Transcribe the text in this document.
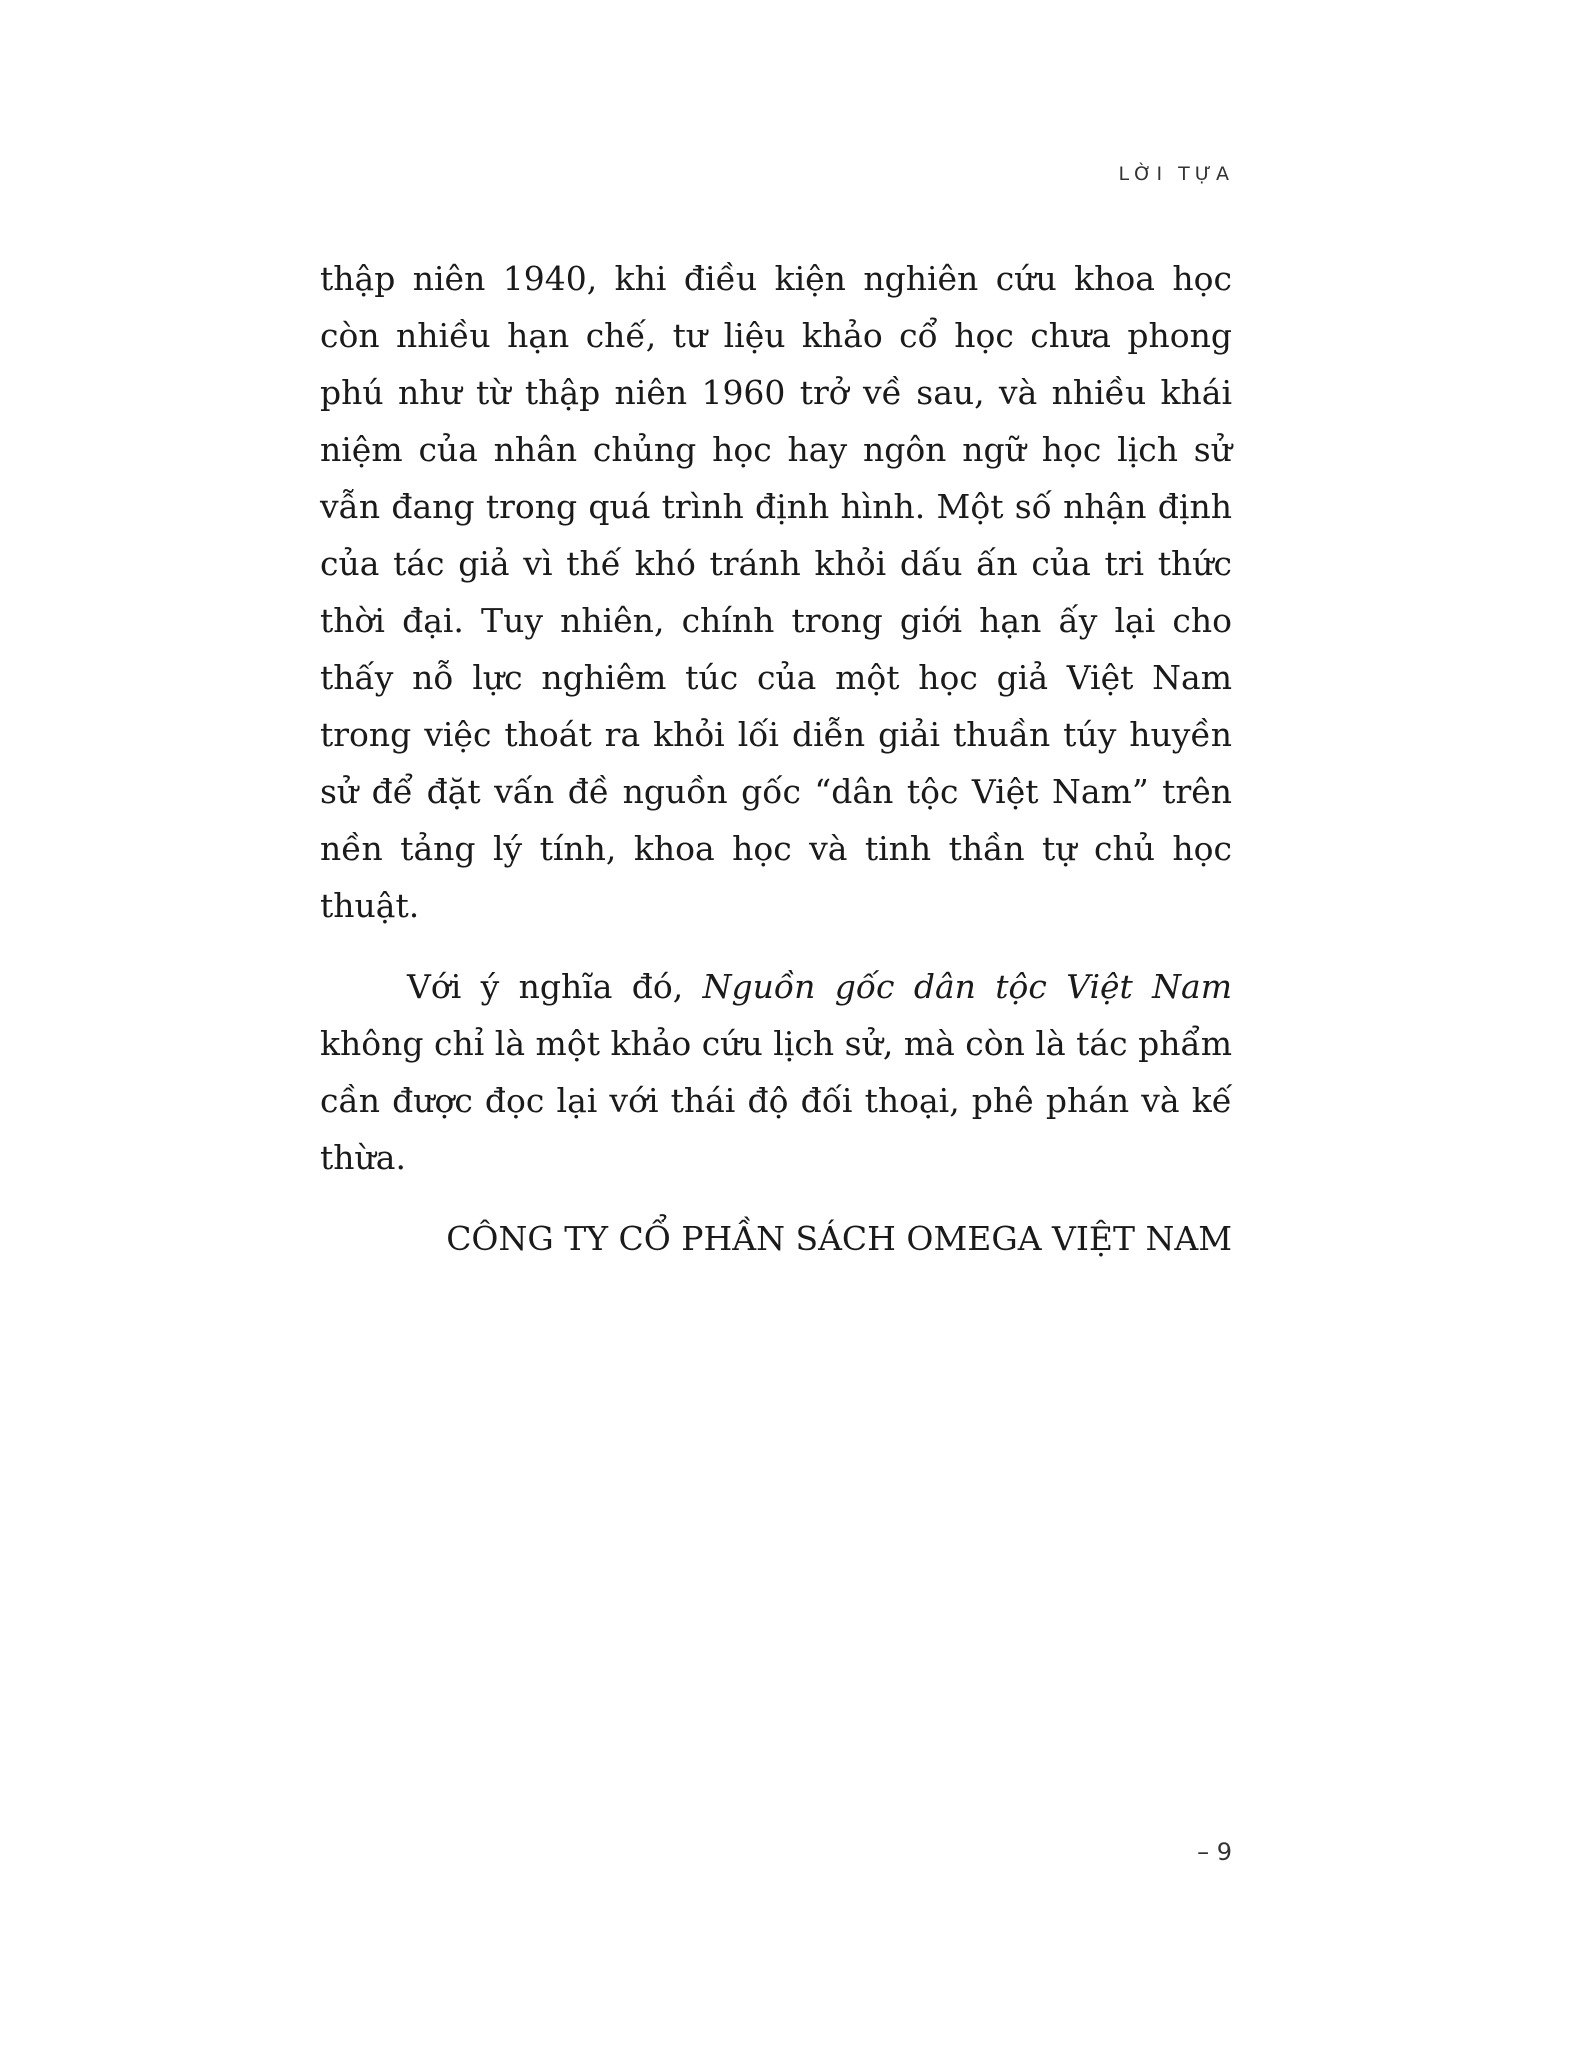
LỜI TỰA

thập niên 1940, khi điều kiện nghiên cứu khoa học còn nhiều hạn chế, tư liệu khảo cổ học chưa phong phú như từ thập niên 1960 trở về sau, và nhiều khái niệm của nhân chủng học hay ngôn ngữ học lịch sử vẫn đang trong quá trình định hình. Một số nhận định của tác giả vì thế khó tránh khỏi dấu ấn của tri thức thời đại. Tuy nhiên, chính trong giới hạn ấy lại cho thấy nỗ lực nghiêm túc của một học giả Việt Nam trong việc thoát ra khỏi lối diễn giải thuần túy huyền sử để đặt vấn đề nguồn gốc “dân tộc Việt Nam” trên nền tảng lý tính, khoa học và tinh thần tự chủ học thuật.

Với ý nghĩa đó, Nguồn gốc dân tộc Việt Nam không chỉ là một khảo cứu lịch sử, mà còn là tác phẩm cần được đọc lại với thái độ đối thoại, phê phán và kế thừa.

CÔNG TY CỔ PHẦN SÁCH OMEGA VIỆT NAM

– 9
